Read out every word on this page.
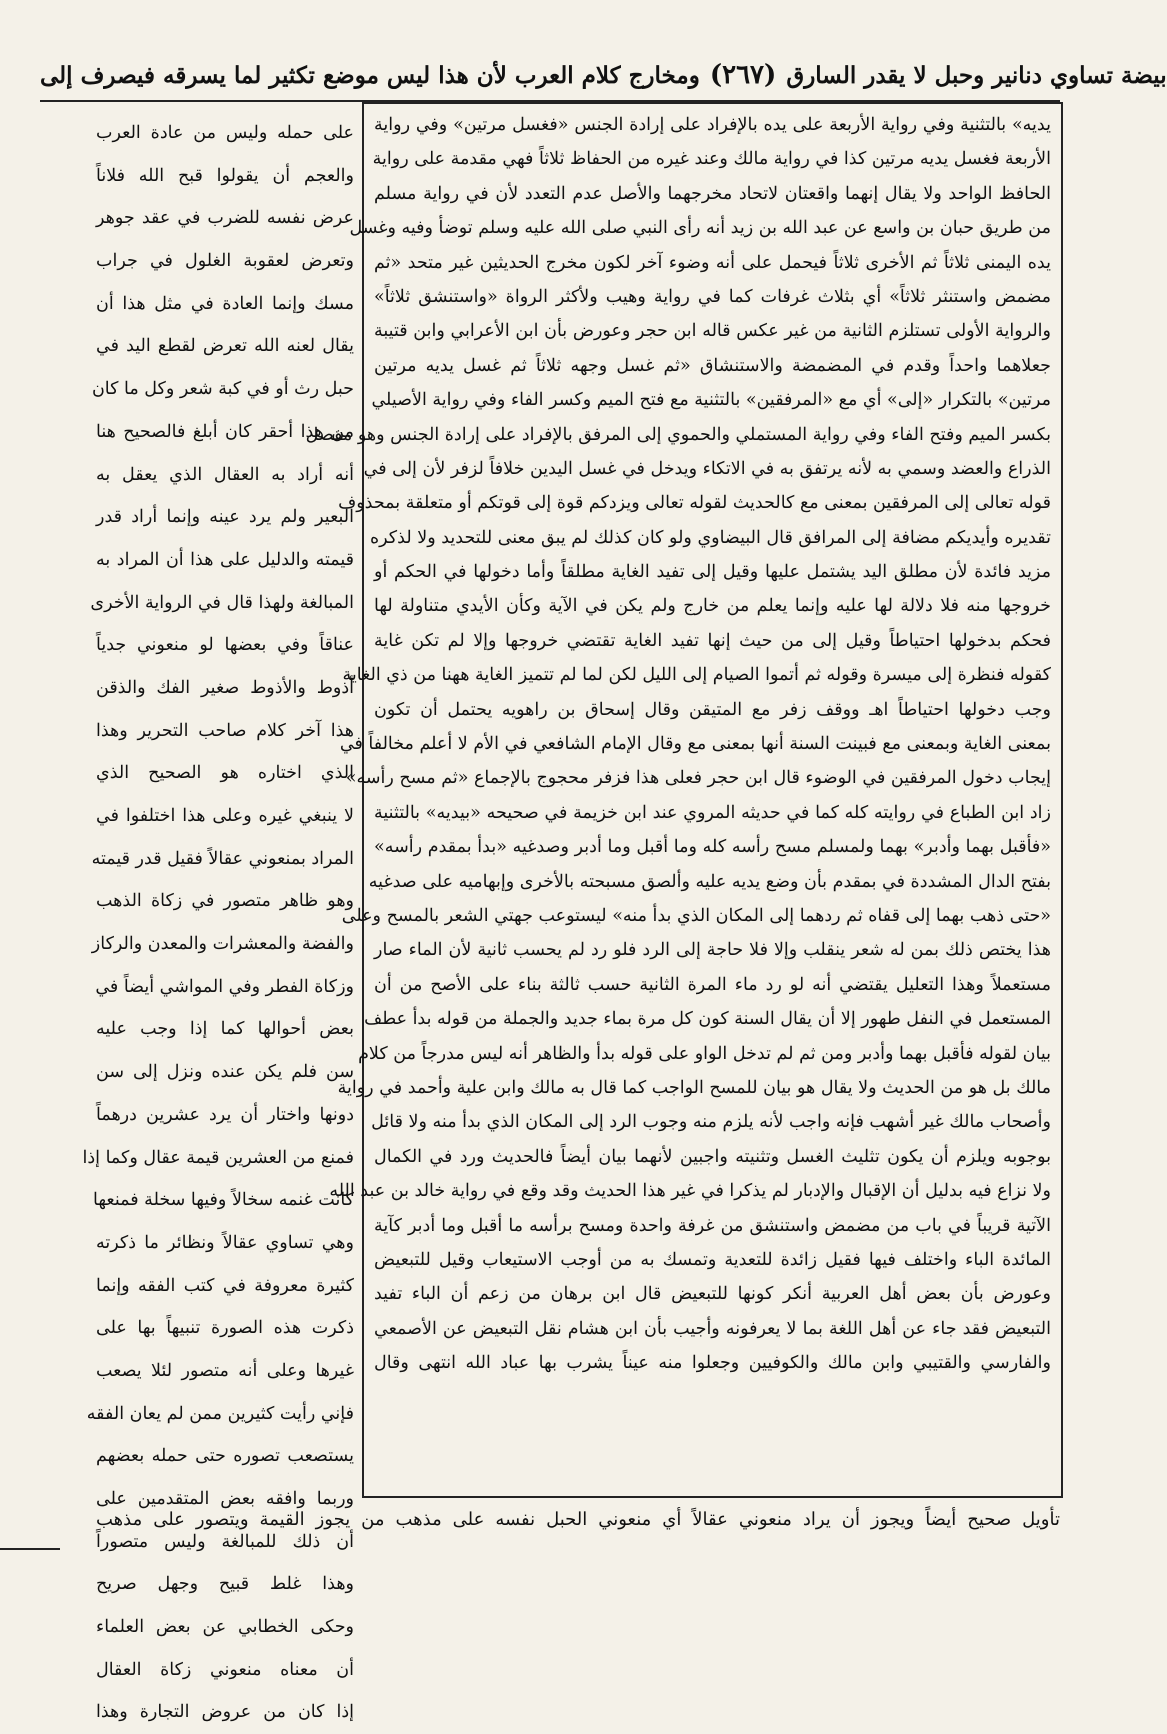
ومخارج كلام العرب لأن هذا ليس موضع تكثير لما يسرقه فيصرف إلى (٢٦٧) بيضة تساوي دنانير وحبل لا يقدر السارق
يديه» بالتثنية وفي رواية الأربعة على يده بالإفراد على إرادة الجنس «فغسل مرتين» وفي رواية
الأربعة فغسل يديه مرتين كذا في رواية مالك وعند غيره من الحفاظ ثلاثاً فهي مقدمة على رواية
الحافظ الواحد ولا يقال إنهما واقعتان لاتحاد مخرجهما والأصل عدم التعدد لأن في رواية مسلم
من طريق حبان بن واسع عن عبد الله بن زيد أنه رأى النبي صلى الله عليه وسلم توضأ وفيه وغسل
يده اليمنى ثلاثاً ثم الأخرى ثلاثاً فيحمل على أنه وضوء آخر لكون مخرج الحديثين غير متحد «ثم
مضمض واستنثر ثلاثاً» أي بثلاث غرفات كما في رواية وهيب ولأكثر الرواة «واستنشق ثلاثاً»
والرواية الأولى تستلزم الثانية من غير عكس قاله ابن حجر وعورض بأن ابن الأعرابي وابن قتيبة
جعلاهما واحداً وقدم في المضمضة والاستنشاق «ثم غسل وجهه ثلاثاً ثم غسل يديه مرتين
مرتين» بالتكرار «إلى» أي مع «المرفقين» بالتثنية مع فتح الميم وكسر الفاء وفي رواية الأصيلي
بكسر الميم وفتح الفاء وفي رواية المستملي والحموي إلى المرفق بالإفراد على إرادة الجنس وهو مفصل
الذراع والعضد وسمي به لأنه يرتفق به في الاتكاء ويدخل في غسل اليدين خلافاً لزفر لأن إلى في
قوله تعالى إلى المرفقين بمعنى مع كالحديث لقوله تعالى ويزدكم قوة إلى قوتكم أو متعلقة بمحذوف
تقديره وأيديكم مضافة إلى المرافق قال البيضاوي ولو كان كذلك لم يبق معنى للتحديد ولا لذكره
مزيد فائدة لأن مطلق اليد يشتمل عليها وقيل إلى تفيد الغاية مطلقاً وأما دخولها في الحكم أو
خروجها منه فلا دلالة لها عليه وإنما يعلم من خارج ولم يكن في الآية وكأن الأيدي متناولة لها
فحكم بدخولها احتياطاً وقيل إلى من حيث إنها تفيد الغاية تقتضي خروجها وإلا لم تكن غاية
كقوله فنظرة إلى ميسرة وقوله ثم أتموا الصيام إلى الليل لكن لما لم تتميز الغاية ههنا من ذي الغاية
وجب دخولها احتياطاً اهـ ووقف زفر مع المتيقن وقال إسحاق بن راهويه يحتمل أن تكون
بمعنى الغاية وبمعنى مع فبينت السنة أنها بمعنى مع وقال الإمام الشافعي في الأم لا أعلم مخالفاً في
إيجاب دخول المرفقين في الوضوء قال ابن حجر فعلى هذا فزفر محجوج بالإجماع «ثم مسح رأسه»
زاد ابن الطباع في روايته كله كما في حديثه المروي عند ابن خزيمة في صحيحه «بيديه» بالتثنية
«فأقبل بهما وأدبر» بهما ولمسلم مسح رأسه كله وما أقبل وما أدبر وصدغيه «بدأ بمقدم رأسه»
بفتح الدال المشددة في بمقدم بأن وضع يديه عليه وألصق مسبحته بالأخرى وإبهاميه على صدغيه
«حتى ذهب بهما إلى قفاه ثم ردهما إلى المكان الذي بدأ منه» ليستوعب جهتي الشعر بالمسح وعلى
هذا يختص ذلك بمن له شعر ينقلب وإلا فلا حاجة إلى الرد فلو رد لم يحسب ثانية لأن الماء صار
مستعملاً وهذا التعليل يقتضي أنه لو رد ماء المرة الثانية حسب ثالثة بناء على الأصح من أن
المستعمل في النفل طهور إلا أن يقال السنة كون كل مرة بماء جديد والجملة من قوله بدأ عطف
بيان لقوله فأقبل بهما وأدبر ومن ثم لم تدخل الواو على قوله بدأ والظاهر أنه ليس مدرجاً من كلام
مالك بل هو من الحديث ولا يقال هو بيان للمسح الواجب كما قال به مالك وابن علية وأحمد في رواية
وأصحاب مالك غير أشهب فإنه واجب لأنه يلزم منه وجوب الرد إلى المكان الذي بدأ منه ولا قائل
بوجوبه ويلزم أن يكون تثليث الغسل وتثنيته واجبين لأنهما بيان أيضاً فالحديث ورد في الكمال
ولا نزاع فيه بدليل أن الإقبال والإدبار لم يذكرا في غير هذا الحديث وقد وقع في رواية خالد بن عبد الله
الآتية قريباً في باب من مضمض واستنشق من غرفة واحدة ومسح برأسه ما أقبل وما أدبر كآية
المائدة الباء واختلف فيها فقيل زائدة للتعدية وتمسك به من أوجب الاستيعاب وقيل للتبعيض
وعورض بأن بعض أهل العربية أنكر كونها للتبعيض قال ابن برهان من زعم أن الباء تفيد
التبعيض فقد جاء عن أهل اللغة بما لا يعرفونه وأجيب بأن ابن هشام نقل التبعيض عن الأصمعي
والفارسي والقتيبي وابن مالك والكوفيين وجعلوا منه عيناً يشرب بها عباد الله انتهى وقال
على حمله وليس من عادة العرب
والعجم أن يقولوا قبح الله فلاناً
عرض نفسه للضرب في عقد جوهر
وتعرض لعقوبة الغلول في جراب
مسك وإنما العادة في مثل هذا أن
يقال لعنه الله تعرض لقطع اليد في
حبل رث أو في كبة شعر وكل ما كان
من هذا أحقر كان أبلغ فالصحيح هنا
أنه أراد به العقال الذي يعقل به
البعير ولم يرد عينه وإنما أراد قدر
قيمته والدليل على هذا أن المراد به
المبالغة ولهذا قال في الرواية الأخرى
عناقاً وفي بعضها لو منعوني جدياً
أذوط والأذوط صغير الفك والذقن
هذا آخر كلام صاحب التحرير وهذا
الذي اختاره هو الصحيح الذي
لا ينبغي غيره وعلى هذا اختلفوا في
المراد بمنعوني عقالاً فقيل قدر قيمته
وهو ظاهر متصور في زكاة الذهب
والفضة والمعشرات والمعدن والركاز
وزكاة الفطر وفي المواشي أيضاً في
بعض أحوالها كما إذا وجب عليه
سن فلم يكن عنده ونزل إلى سن
دونها واختار أن يرد عشرين درهماً
فمنع من العشرين قيمة عقال وكما إذا
كانت غنمه سخالاً وفيها سخلة فمنعها
وهي تساوي عقالاً ونظائر ما ذكرته
كثيرة معروفة في كتب الفقه وإنما
ذكرت هذه الصورة تنبيهاً بها على
غيرها وعلى أنه متصور لئلا يصعب
فإني رأيت كثيرين ممن لم يعان الفقه
يستصعب تصوره حتى حمله بعضهم
وربما وافقه بعض المتقدمين على
أن ذلك للمبالغة وليس متصوراً
وهذا غلط قبيح وجهل صريح
وحكى الخطابي عن بعض العلماء
أن معناه منعوني زكاة العقال
إذا كان من عروض التجارة وهذا
تأويل صحيح أيضاً ويجوز أن يراد منعوني عقالاً أي منعوني الحبل نفسه على مذهب من يجوز القيمة ويتصور على مذهب
